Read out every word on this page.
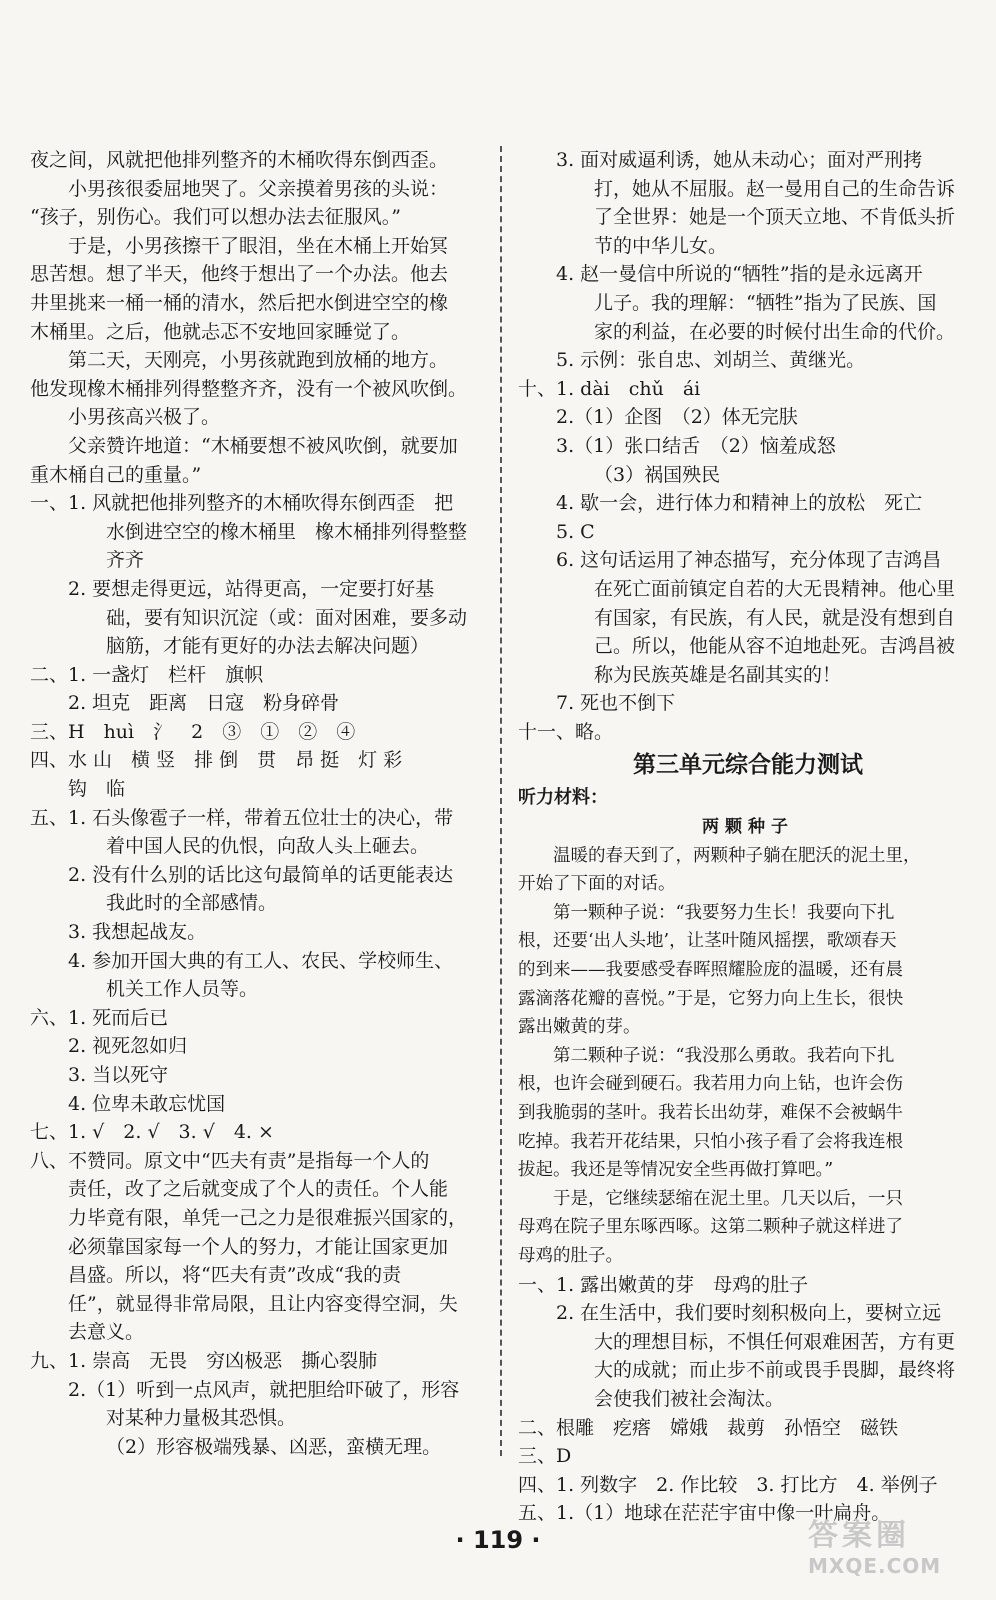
夜之间，风就把他排列整齐的木桶吹得东倒西歪。
　　小男孩很委屈地哭了。父亲摸着男孩的头说：
“孩子，别伤心。我们可以想办法去征服风。”
　　于是，小男孩擦干了眼泪，坐在木桶上开始冥
思苦想。想了半天，他终于想出了一个办法。他去
井里挑来一桶一桶的清水，然后把水倒进空空的橡
木桶里。之后，他就忐忑不安地回家睡觉了。
　　第二天，天刚亮，小男孩就跑到放桶的地方。
他发现橡木桶排列得整整齐齐，没有一个被风吹倒。
　　小男孩高兴极了。
　　父亲赞许地道：“木桶要想不被风吹倒，就要加
重木桶自己的重量。”
一、1. 风就把他排列整齐的木桶吹得东倒西歪　把
水倒进空空的橡木桶里　橡木桶排列得整整
齐齐
2. 要想走得更远，站得更高，一定要打好基
础，要有知识沉淀（或：面对困难，要多动
脑筋，才能有更好的办法去解决问题）
二、1. 一盏灯　栏杆　旗帜
2. 坦克　距离　日寇　粉身碎骨
三、H　huì　氵　2　③　①　②　④
四、水 山　横 竖　排 倒　贯　昂 挺　灯 彩
钩　临
五、1. 石头像雹子一样，带着五位壮士的决心，带
着中国人民的仇恨，向敌人头上砸去。
2. 没有什么别的话比这句最简单的话更能表达
我此时的全部感情。
3. 我想起战友。
4. 参加开国大典的有工人、农民、学校师生、
机关工作人员等。
六、1. 死而后已
2. 视死忽如归
3. 当以死守
4. 位卑未敢忘忧国
七、1. √　2. √　3. √　4. ×
八、不赞同。原文中“匹夫有责”是指每一个人的
责任，改了之后就变成了个人的责任。个人能
力毕竟有限，单凭一己之力是很难振兴国家的，
必须靠国家每一个人的努力，才能让国家更加
昌盛。所以，将“匹夫有责”改成“我的责
任”，就显得非常局限，且让内容变得空洞，失
去意义。
九、1. 崇高　无畏　穷凶极恶　撕心裂肺
2.（1）听到一点风声，就把胆给吓破了，形容
对某种力量极其恐惧。
（2）形容极端残暴、凶恶，蛮横无理。
3. 面对威逼利诱，她从未动心；面对严刑拷
打，她从不屈服。赵一曼用自己的生命告诉
了全世界：她是一个顶天立地、不肯低头折
节的中华儿女。
4. 赵一曼信中所说的“牺牲”指的是永远离开
儿子。我的理解：“牺牲”指为了民族、国
家的利益，在必要的时候付出生命的代价。
5. 示例：张自忠、刘胡兰、黄继光。
十、1. dài　chǔ　ái
2.（1）企图　（2）体无完肤
3.（1）张口结舌　（2）恼羞成怒
（3）祸国殃民
4. 歇一会，进行体力和精神上的放松　死亡
5. C
6. 这句话运用了神态描写，充分体现了吉鸿昌
在死亡面前镇定自若的大无畏精神。他心里
有国家，有民族，有人民，就是没有想到自
己。所以，他能从容不迫地赴死。吉鸿昌被
称为民族英雄是名副其实的！
7. 死也不倒下
十一、略。
第三单元综合能力测试
听力材料：
两颗种子
　　温暖的春天到了，两颗种子躺在肥沃的泥土里，
开始了下面的对话。
　　第一颗种子说：“我要努力生长！我要向下扎
根，还要‘出人头地’，让茎叶随风摇摆，歌颂春天
的到来——我要感受春晖照耀脸庞的温暖，还有晨
露滴落花瓣的喜悦。”于是，它努力向上生长，很快
露出嫩黄的芽。
　　第二颗种子说：“我没那么勇敢。我若向下扎
根，也许会碰到硬石。我若用力向上钻，也许会伤
到我脆弱的茎叶。我若长出幼芽，难保不会被蜗牛
吃掉。我若开花结果，只怕小孩子看了会将我连根
拔起。我还是等情况安全些再做打算吧。”
　　于是，它继续瑟缩在泥土里。几天以后，一只
母鸡在院子里东啄西啄。这第二颗种子就这样进了
母鸡的肚子。
一、1. 露出嫩黄的芽　母鸡的肚子
2. 在生活中，我们要时刻积极向上，要树立远
大的理想目标，不惧任何艰难困苦，方有更
大的成就；而止步不前或畏手畏脚，最终将
会使我们被社会淘汰。
二、根雕　疙瘩　嫦娥　裁剪　孙悟空　磁铁
三、D
四、1. 列数字　2. 作比较　3. 打比方　4. 举例子
五、1.（1）地球在茫茫宇宙中像一叶扁舟。
· 119 ·	答案圈
MXQE.COM
